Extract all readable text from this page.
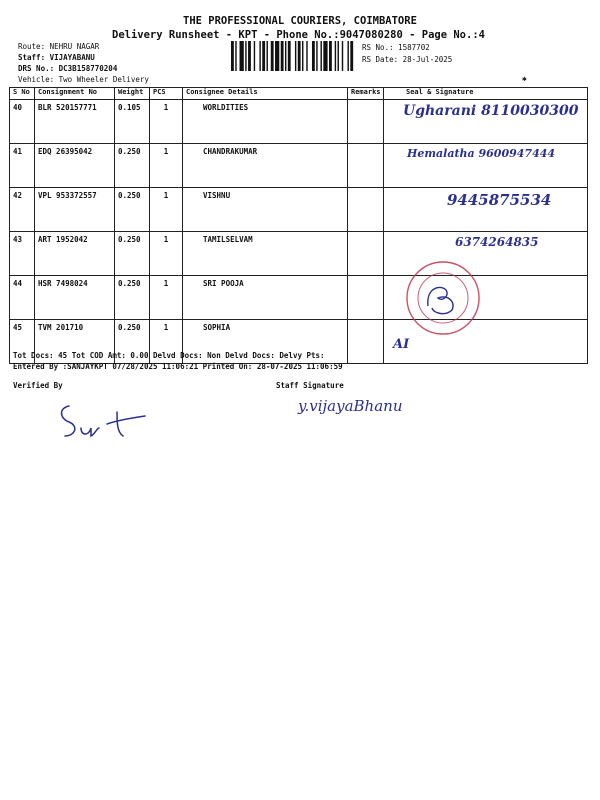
THE PROFESSIONAL COURIERS, COIMBATORE
Delivery Runsheet - KPT - Phone No.:9047080280 - Page No.:4
Route: NEHRU NAGAR
Staff: VIJAYABANU
DRS No.: DC3B158770204
Vehicle: Two Wheeler Delivery
RS No.: 1587702
RS Date: 28-Jul-2025
S No	Consignment No	Weight	PCS	Consignee Details	Remarks	Seal & Signature
40	BLR 520157771	0.105	1	WORLDITIES		Ugharani 8110030300
41	EDQ 26395042	0.250	1	CHANDRAKUMAR		Hemalatha 9600947444
42	VPL 953372557	0.250	1	VISHNU		9445875534
43	ART 1952042	0.250	1	TAMILSELVAM		6374264835
44	HSR 7498024	0.250	1	SRI POOJA		
45	TVM 201710	0.250	1	SOPHIA		AI
✱
Tot Docs: 45 Tot COD Amt: 0.00 Delvd Docs: Non Delvd Docs: Delvy Pts:
Entered By :SANJAYKPT 07/28/2025 11:06:21 Printed On: 28-07-2025 11:06:59
Verified By	Staff Signature
y.vijayaBhanu
